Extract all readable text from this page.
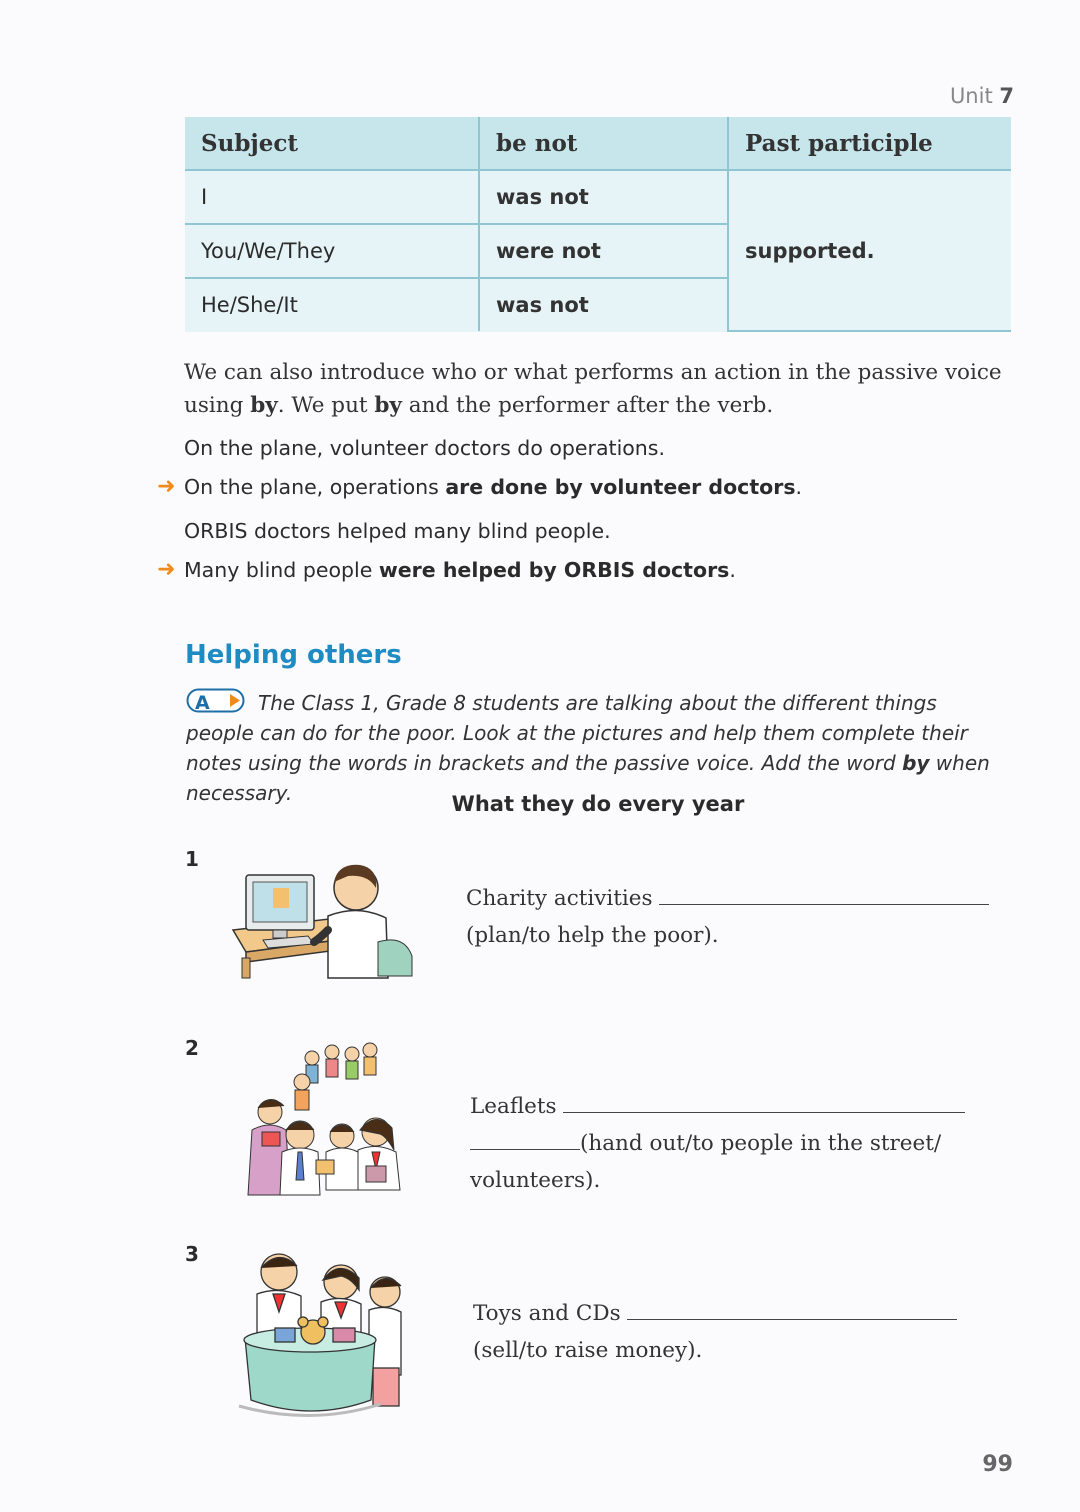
Unit 7
Subject	be not	Past participle
I	was not	supported.
You/We/They	were not	
He/She/It	was not	
We can also introduce who or what performs an action in the passive voice using by. We put by and the performer after the verb.
On the plane, volunteer doctors do operations.
➜ On the plane, operations are done by volunteer doctors.
ORBIS doctors helped many blind people.
➜ Many blind people were helped by ORBIS doctors.
Helping others
A The Class 1, Grade 8 students are talking about the different things people can do for the poor. Look at the pictures and help them complete their notes using the words in brackets and the passive voice. Add the word by when necessary.	What they do every year
1
Charity activities
(plan/to help the poor).
2
Leaflets
(hand out/to people in the street/
volunteers).
3
Toys and CDs
(sell/to raise money).
99
